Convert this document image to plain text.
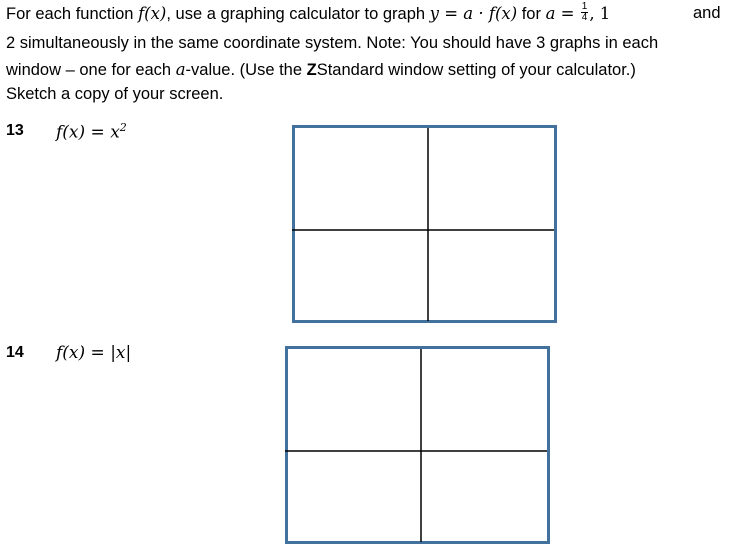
For each function f(x), use a graphing calculator to graph y = a · f(x) for $a = \frac{1}{4}$ , 1	and
2 simultaneously in the same coordinate system. Note: You should have 3 graphs in each
window – one for each a-value. (Use the ZStandard window setting of your calculator.)
Sketch a copy of your screen.
13 $f(x) = x^2$
14 f(x) = |x|
